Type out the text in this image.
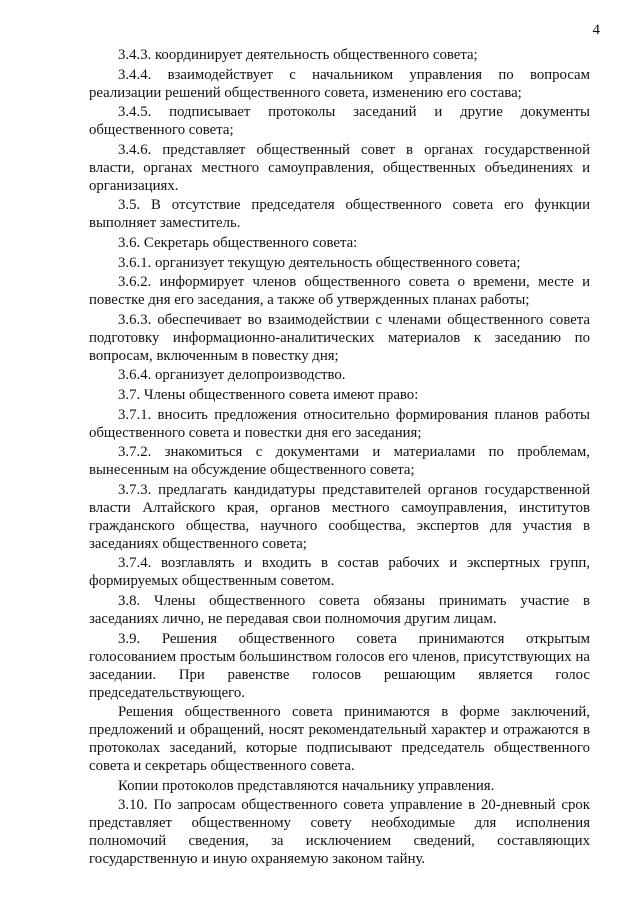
4

3.4.3. координирует деятельность общественного совета;

3.4.4. взаимодействует с начальником управления по вопросам реализации решений общественного совета, изменению его состава;

3.4.5. подписывает протоколы заседаний и другие документы общественного совета;

3.4.6. представляет общественный совет в органах государственной власти, органах местного самоуправления, общественных объединениях и организациях.

3.5. В отсутствие председателя общественного совета его функции выполняет заместитель.

3.6. Секретарь общественного совета:

3.6.1. организует текущую деятельность общественного совета;

3.6.2. информирует членов общественного совета о времени, месте и повестке дня его заседания, а также об утвержденных планах работы;

3.6.3. обеспечивает во взаимодействии с членами общественного совета подготовку информационно-аналитических материалов к заседанию по вопросам, включенным в повестку дня;

3.6.4. организует делопроизводство.

3.7. Члены общественного совета имеют право:

3.7.1. вносить предложения относительно формирования планов работы общественного совета и повестки дня его заседания;

3.7.2. знакомиться с документами и материалами по проблемам, вынесенным на обсуждение общественного совета;

3.7.3. предлагать кандидатуры представителей органов государственной власти Алтайского края, органов местного самоуправления, институтов гражданского общества, научного сообщества, экспертов для участия в заседаниях общественного совета;

3.7.4. возглавлять и входить в состав рабочих и экспертных групп, формируемых общественным советом.

3.8. Члены общественного совета обязаны принимать участие в заседаниях лично, не передавая свои полномочия другим лицам.

3.9. Решения общественного совета принимаются открытым голосованием простым большинством голосов его членов, присутствующих на заседании. При равенстве голосов решающим является голос председательствующего.

Решения общественного совета принимаются в форме заключений, предложений и обращений, носят рекомендательный характер и отражаются в протоколах заседаний, которые подписывают председатель общественного совета и секретарь общественного совета.

Копии протоколов представляются начальнику управления.

3.10. По запросам общественного совета управление в 20-дневный срок представляет общественному совету необходимые для исполнения полномочий сведения, за исключением сведений, составляющих государственную и иную охраняемую законом тайну.
